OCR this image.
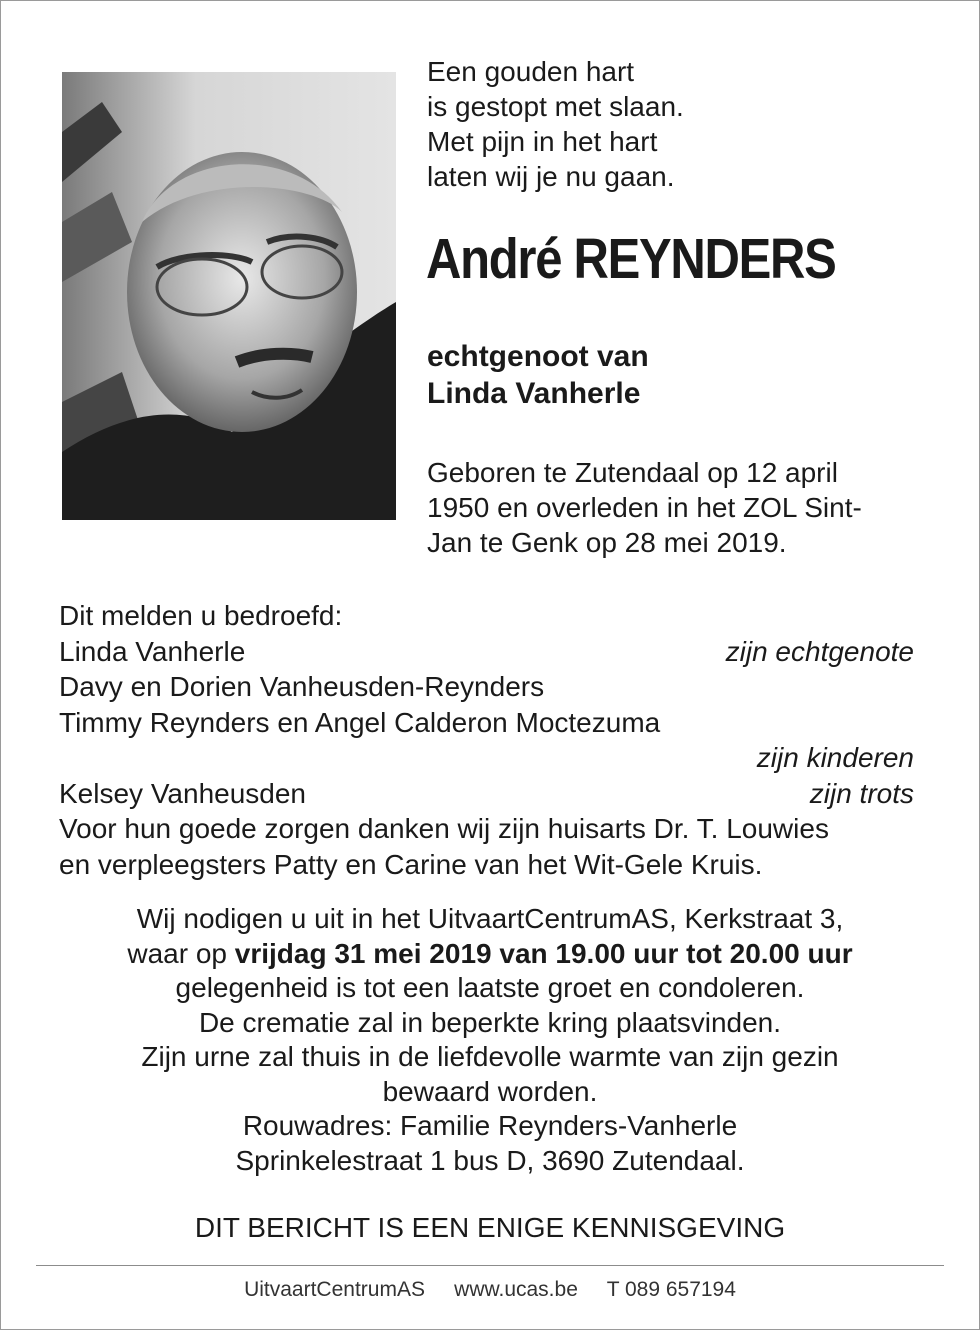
Een gouden hart
is gestopt met slaan.
Met pijn in het hart
laten wij je nu gaan.
André REYNDERS
echtgenoot van
Linda Vanherle
Geboren te Zutendaal op 12 april
1950 en overleden in het ZOL Sint-
Jan te Genk op 28 mei 2019.
Dit melden u bedroefd:
Linda Vanherle	zijn echtgenote
Davy en Dorien Vanheusden-Reynders
Timmy Reynders en Angel Calderon Moctezuma
zijn kinderen
Kelsey Vanheusden	zijn trots
Voor hun goede zorgen danken wij zijn huisarts Dr. T. Louwies
en verpleegsters Patty en Carine van het Wit-Gele Kruis.
Wij nodigen u uit in het UitvaartCentrumAS, Kerkstraat 3,
waar op vrijdag 31 mei 2019 van 19.00 uur tot 20.00 uur
gelegenheid is tot een laatste groet en condoleren.
De crematie zal in beperkte kring plaatsvinden.
Zijn urne zal thuis in de liefdevolle warmte van zijn gezin
bewaard worden.
Rouwadres: Familie Reynders-Vanherle
Sprinkelestraat 1 bus D, 3690 Zutendaal.
DIT BERICHT IS EEN ENIGE KENNISGEVING
UitvaartCentrumAS www.ucas.be T 089 657194
